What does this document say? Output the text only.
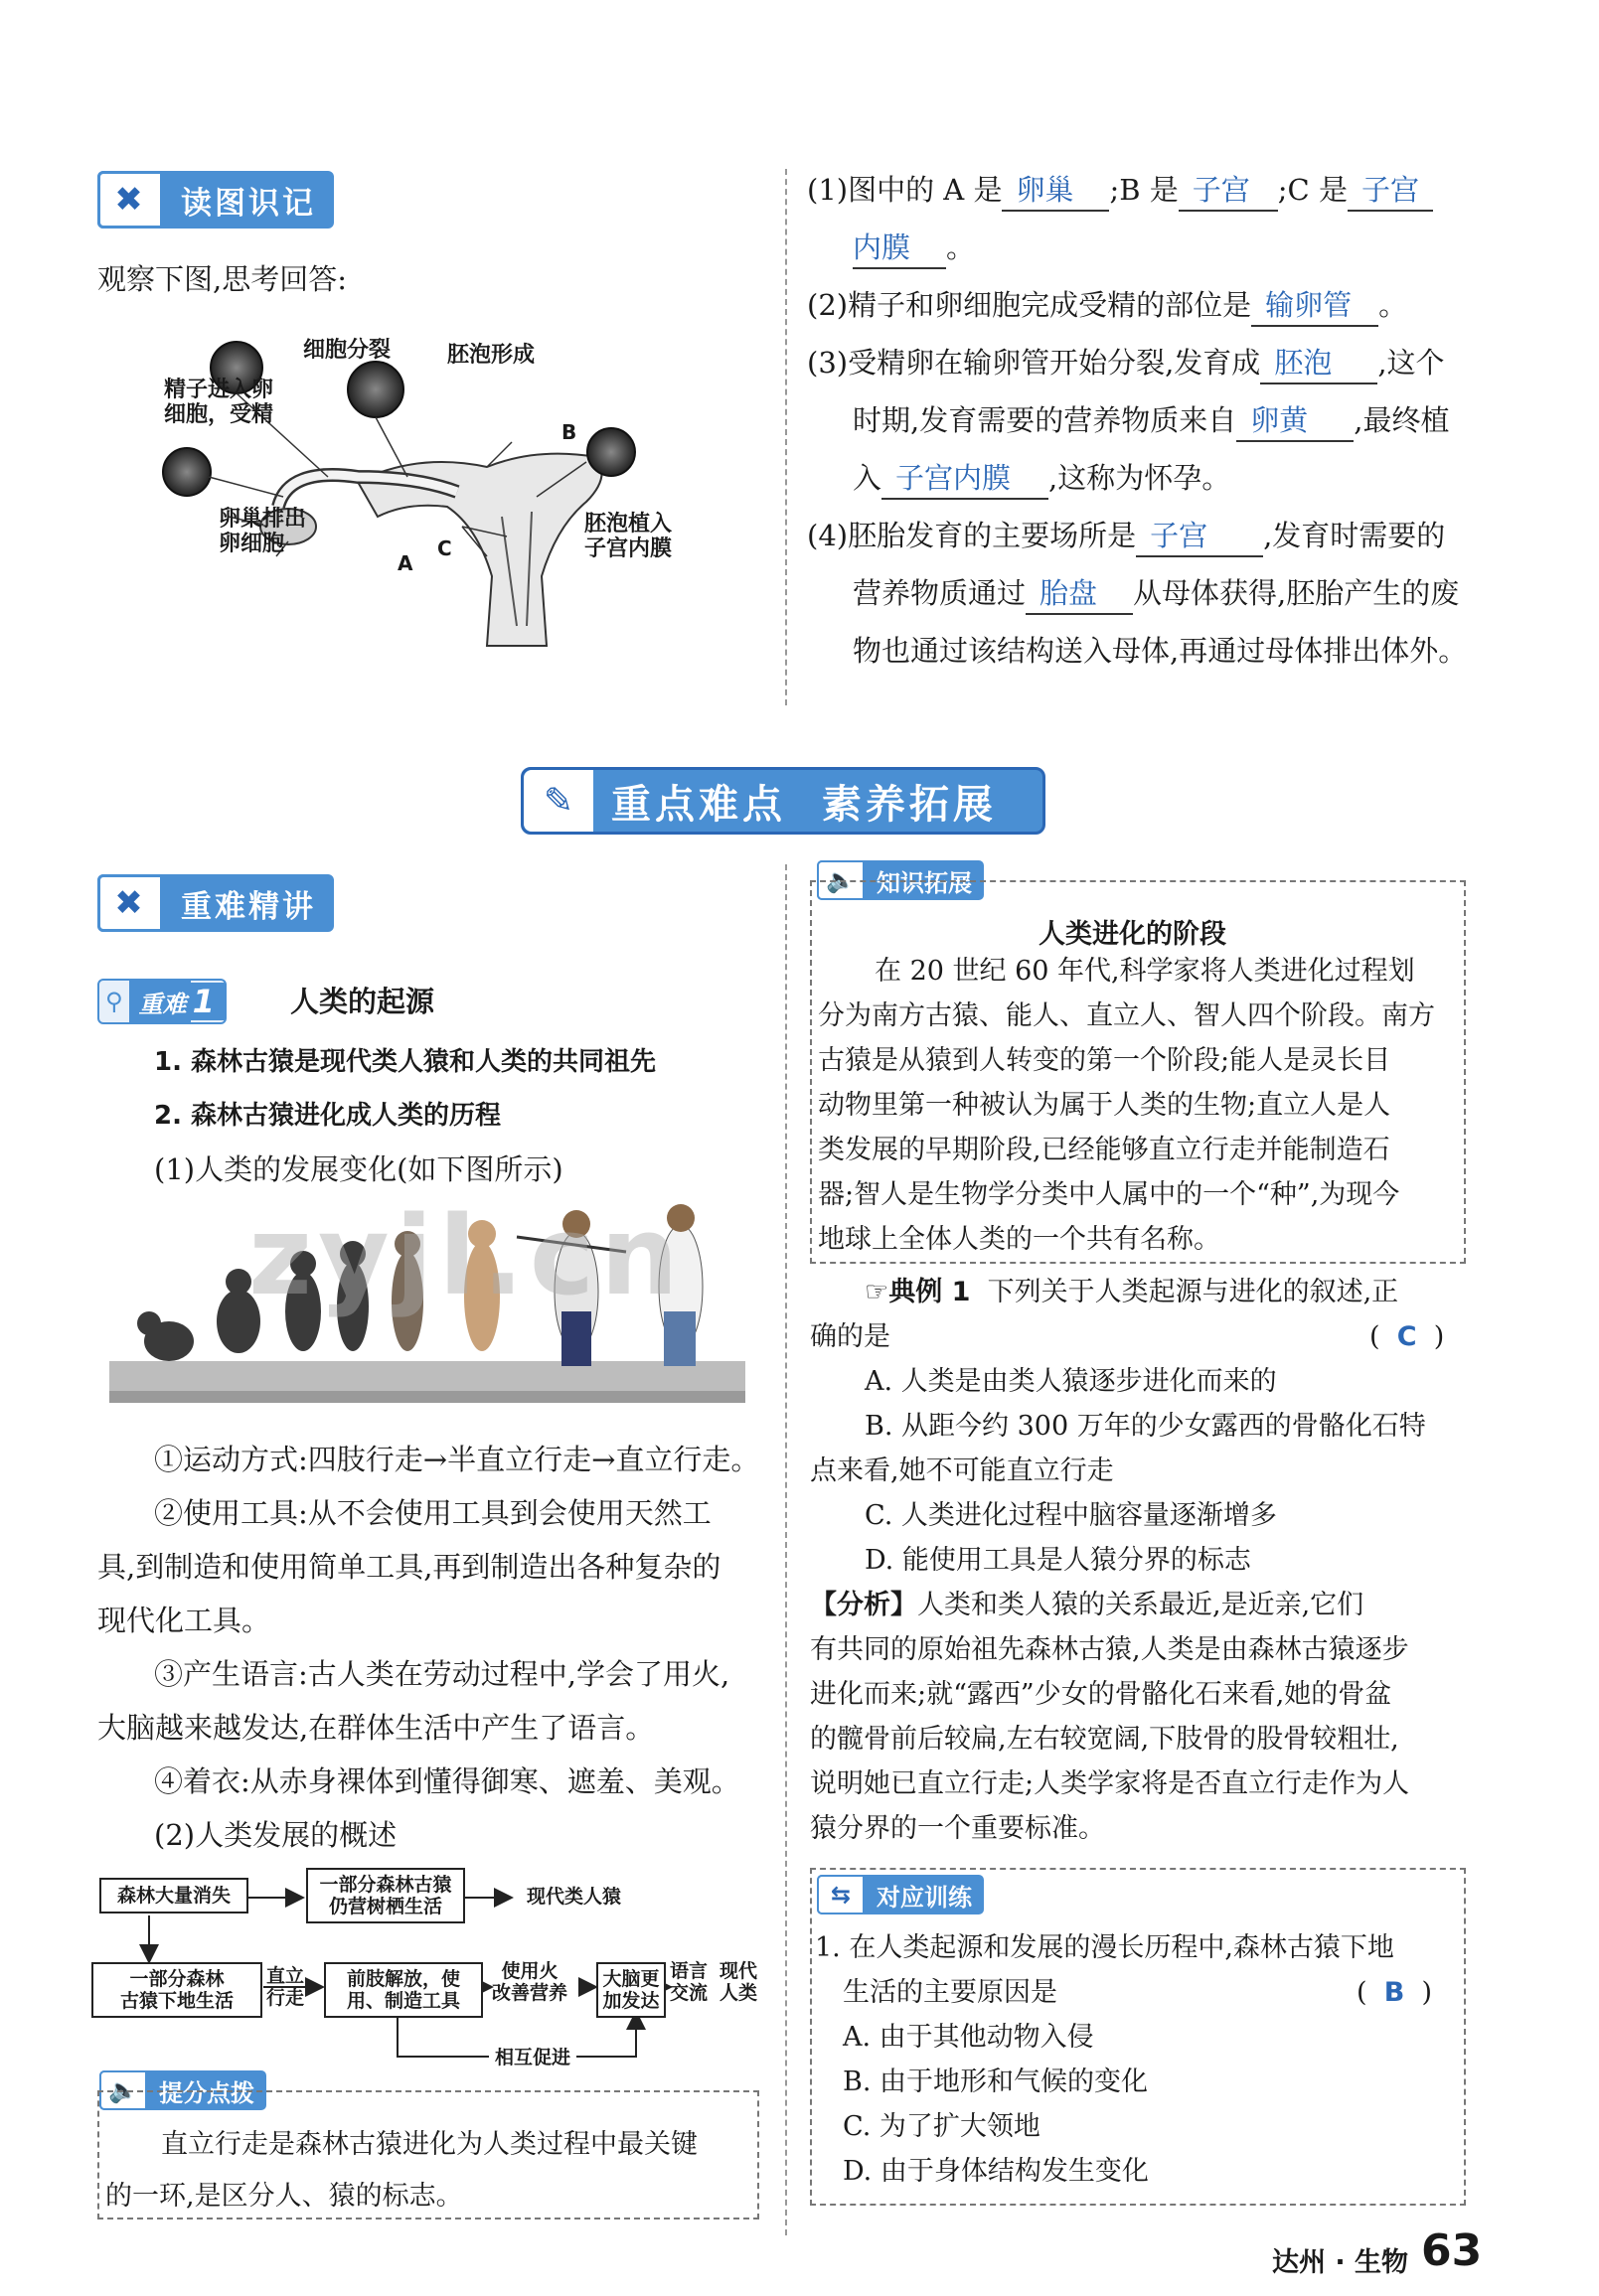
✖	读图识记
观察下图,思考回答:
细胞分裂	胚泡形成
精子进入卵
细胞，受精
卵巢排出
卵细胞
胚泡植入
子宫内膜
A
B
C
(1)图中的 A 是 卵巢 ;B 是 子宫 ;C 是 子宫
内膜 。
(2)精子和卵细胞完成受精的部位是 输卵管 。
(3)受精卵在输卵管开始分裂,发育成 胚泡 ,这个
时期,发育需要的营养物质来自 卵黄 ,最终植
入 子宫内膜 ,这称为怀孕。
(4)胚胎发育的主要场所是 子宫 ,发育时需要的
营养物质通过 胎盘 从母体获得,胚胎产生的废
物也通过该结构送入母体,再通过母体排出体外。
✎ 重点难点  素养拓展
✖	重难精讲
⚲ 重难 1	人类的起源
1. 森林古猿是现代类人猿和人类的共同祖先
2. 森林古猿进化成人类的历程
(1)人类的发展变化(如下图所示)
zyjl.cn
①运动方式:四肢行走→半直立行走→直立行走。
②使用工具:从不会使用工具到会使用天然工
具,到制造和使用简单工具,再到制造出各种复杂的
现代化工具。
③产生语言:古人类在劳动过程中,学会了用火,
大脑越来越发达,在群体生活中产生了语言。
④着衣:从赤身裸体到懂得御寒、遮羞、美观。
(2)人类发展的概述
森林大量消失	一部分森林古猿
仍营树栖生活	现代类人猿
一部分森林
古猿下地生活
直立
行走
前肢解放，使
用、制造工具
使用火
改善营养
大脑更
加发达
语言
交流
现代
人类
相互促进
🔈 提分点拨
直立行走是森林古猿进化为人类过程中最关键
的一环,是区分人、猿的标志。
🔈 知识拓展
人类进化的阶段
在 20 世纪 60 年代,科学家将人类进化过程划
分为南方古猿、能人、直立人、智人四个阶段。南方
古猿是从猿到人转变的第一个阶段;能人是灵长目
动物里第一种被认为属于人类的生物;直立人是人
类发展的早期阶段,已经能够直立行走并能制造石
器;智人是生物学分类中人属中的一个“种”,为现今
地球上全体人类的一个共有名称。
☞典例 1 下列关于人类起源与进化的叙述,正
确的是	(  C  )
A. 人类是由类人猿逐步进化而来的
B. 从距今约 300 万年的少女露西的骨骼化石特
点来看,她不可能直立行走
C. 人类进化过程中脑容量逐渐增多
D. 能使用工具是人猿分界的标志
【分析】人类和类人猿的关系最近,是近亲,它们
有共同的原始祖先森林古猿,人类是由森林古猿逐步
进化而来;就“露西”少女的骨骼化石来看,她的骨盆
的髋骨前后较扁,左右较宽阔,下肢骨的股骨较粗壮,
说明她已直立行走;人类学家将是否直立行走作为人
猿分界的一个重要标准。
⇆	对应训练
1. 在人类起源和发展的漫长历程中,森林古猿下地
生活的主要原因是	(  B  )
A. 由于其他动物入侵
B. 由于地形和气候的变化
C. 为了扩大领地
D. 由于身体结构发生变化
达州 · 生物 63
